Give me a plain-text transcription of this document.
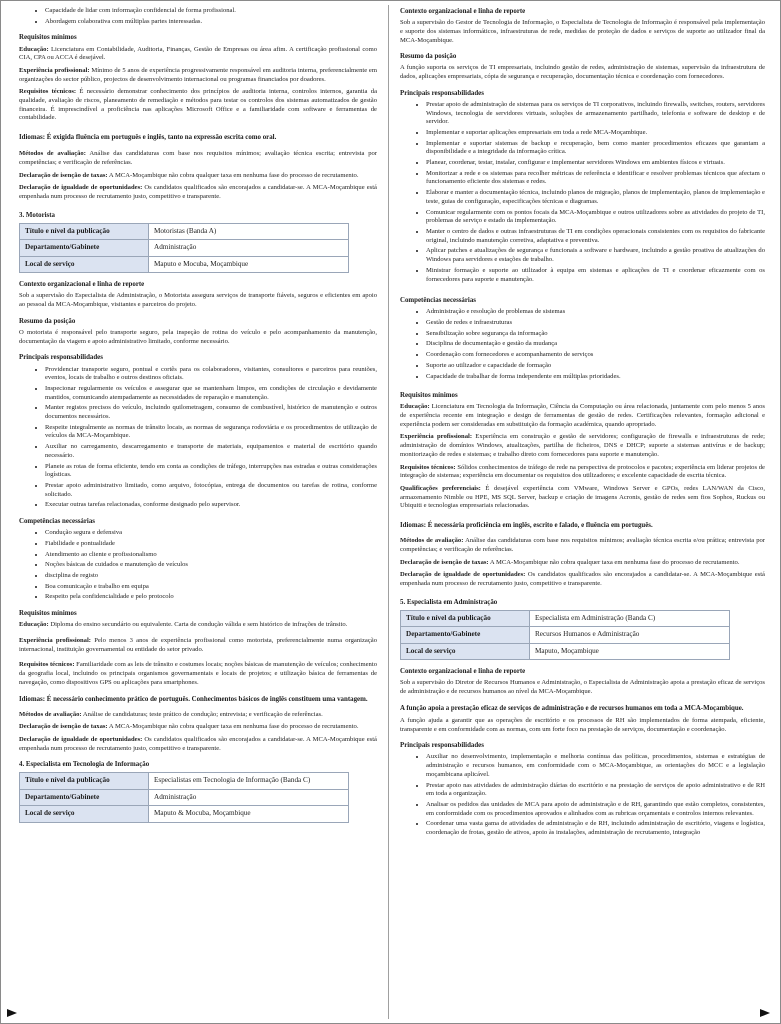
• Capacidade de lidar com informação confidencial de forma profissional.
• Abordagem colaborativa com múltiplas partes interessadas.
Requisitos mínimos

Educação: Licenciatura em Contabilidade, Auditoria, Finanças, Gestão de Empresas ou área afim. A certificação profissional como CIA, CPA ou ACCA é desejável.

Experiência profissional: Mínimo de 5 anos de experiência progressivamente responsável em auditoria interna, preferencialmente em organizações do sector público, projectos de desenvolvimento internacional ou programas financiados por doadores.

Requisitos técnicos: É necessário demonstrar conhecimento dos princípios de auditoria interna, controlos internos, garantia da qualidade, avaliação de riscos, planeamento de remediação e métodos para testar os controlos dos sistemas automatizados de gestão financeira. É imprescindível a proficiência nas aplicações Microsoft Office e a familiaridade com software e ferramentas de contabilidade.

Idiomas: É exigida fluência em português e inglês, tanto na expressão escrita como oral.

Métodos de avaliação: Análise das candidaturas com base nos requisitos mínimos; avaliação técnica escrita; entrevista por competências; e verificação de referências.

Declaração de isenção de taxas: A MCA-Moçambique não cobra qualquer taxa em nenhuma fase do processo de recrutamento.

Declaração de igualdade de oportunidades: Os candidatos qualificados são encorajados a candidatar-se. A MCA-Moçambique está empenhada num processo de recrutamento justo, competitivo e transparente.

3. Motorista
Título e nível da publicação	Motoristas (Banda A)
Departamento/Gabinete	Administração
Local de serviço	Maputo e Mocuba, Moçambique
Contexto organizacional e linha de reporte

Sob a supervisão do Especialista de Administração, o Motorista assegura serviços de transporte fiáveis, seguros e eficientes em apoio ao pessoal da MCA-Moçambique, visitantes e parceiros do projeto.

Resumo da posição

O motorista é responsável pelo transporte seguro, pela inspeção de rotina do veículo e pelo acompanhamento da manutenção, documentação da viagem e apoio administrativo limitado, conforme necessário.

Principais responsabilidades
• Providenciar transporte seguro, pontual e cortês para os colaboradores, visitantes, consultores e parceiros para reuniões, eventos, locais de trabalho e outros destinos oficiais.
• Inspecionar regularmente os veículos e assegurar que se mantenham limpos, em condições de circulação e devidamente mantidos, comunicando atempadamente as necessidades de reparação e manutenção.
• Manter registos precisos do veículo, incluindo quilometragem, consumo de combustível, histórico de manutenção e outros documentos necessários.
• Respeite integralmente as normas de trânsito locais, as normas de segurança rodoviária e os procedimentos de utilização de veículos da MCA-Moçambique.
• Auxiliar no carregamento, descarregamento e transporte de materiais, equipamentos e material de escritório quando necessário.
• Planeie as rotas de forma eficiente, tendo em conta as condições de tráfego, interrupções nas estradas e outras considerações logísticas.
• Prestar apoio administrativo limitado, como arquivo, fotocópias, entrega de documentos ou tarefas de rotina, conforme solicitado.
• Executar outras tarefas relacionadas, conforme designado pelo supervisor.
Competências necessárias
• Condução segura e defensiva
• Fiabilidade e pontualidade
• Atendimento ao cliente e profissionalismo
• Noções básicas de cuidados e manutenção de veículos
• disciplina de registo
• Boa comunicação e trabalho em equipa
• Respeito pela confidencialidade e pelo protocolo
Requisitos mínimos

Educação: Diploma do ensino secundário ou equivalente. Carta de condução válida e sem histórico de infrações de trânsito.

Experiência profissional: Pelo menos 3 anos de experiência profissional como motorista, preferencialmente numa organização internacional, instituição governamental ou entidade do setor privado.

Requisitos técnicos: Familiaridade com as leis de trânsito e costumes locais; noções básicas de manutenção de veículos; conhecimento da geografia local, incluindo os principais organismos governamentais e locais de projetos; e utilização básica de ferramentas de navegação, como dispositivos GPS ou aplicações para smartphones.

Idiomas: É necessário conhecimento prático de português. Conhecimentos básicos de inglês constituem uma vantagem.

Métodos de avaliação: Análise de candidaturas; teste prático de condução; entrevista; e verificação de referências.

Declaração de isenção de taxas: A MCA-Moçambique não cobra qualquer taxa em nenhuma fase do processo de recrutamento.

Declaração de igualdade de oportunidades: Os candidatos qualificados são encorajados a candidatar-se. A MCA-Moçambique está empenhada num processo de recrutamento justo, competitivo e transparente.

4. Especialista em Tecnologia de Informação
Título e nível da publicação	Especialistas em Tecnologia de Informação (Banda C)
Departamento/Gabinete	Administração
Local de serviço	Maputo & Mocuba, Moçambique
Contexto organizacional e linha de reporte

Sob a supervisão do Gestor de Tecnologia de Informação, o Especialista de Tecnologia de Informação é responsável pela implementação e suporte dos sistemas informáticos, infraestruturas de rede, medidas de proteção de dados e serviços de suporte ao utilizador final da MCA-Moçambique.

Resumo da posição

A função suporta os serviços de TI empresariais, incluindo gestão de redes, administração de sistemas, supervisão da infraestrutura de dados, aplicações empresariais, cópia de segurança e recuperação, documentação técnica e coordenação com fornecedores.

Principais responsabilidades
• Prestar apoio de administração de sistemas para os serviços de TI corporativos, incluindo firewalls, switches, routers, servidores Windows, tecnologia de servidores virtuais, soluções de armazenamento partilhado, telefonia e software de desktop e de servidor.
• Implementar e suportar aplicações empresariais em toda a rede MCA-Moçambique.
• Implementar e suportar sistemas de backup e recuperação, bem como manter procedimentos eficazes que garantam a disponibilidade e a integridade da informação crítica.
• Planear, coordenar, testar, instalar, configurar e implementar servidores Windows em ambientes físicos e virtuais.
• Monitorizar a rede e os sistemas para recolher métricas de referência e identificar e resolver problemas técnicos que afectam o funcionamento eficiente dos sistemas e redes.
• Elaborar e manter a documentação técnica, incluindo planos de migração, planos de implementação, planos de implementação e teste, guias de configuração, especificações técnicas e diagramas.
• Comunicar regularmente com os pontos focais da MCA-Moçambique e outros utilizadores sobre as atividades do projeto de TI, problemas de serviço e estado da implementação.
• Manter o centro de dados e outras infraestruturas de TI em condições operacionais consistentes com os requisitos do fabricante original, incluindo manutenção corretiva, adaptativa e preventiva.
• Aplicar patches e atualizações de segurança e funcionais a software e hardware, incluindo a gestão proativa de atualizações do Windows para servidores e estações de trabalho.
• Ministrar formação e suporte ao utilizador à equipa em sistemas e aplicações de TI e coordenar eficazmente com os fornecedores para suporte e manutenção.
Competências necessárias
• Administração e resolução de problemas de sistemas
• Gestão de redes e infraestruturas
• Sensibilização sobre segurança da informação
• Disciplina de documentação e gestão da mudança
• Coordenação com fornecedores e acompanhamento de serviços
• Suporte ao utilizador e capacidade de formação
• Capacidade de trabalhar de forma independente em múltiplas prioridades.
Requisitos mínimos

Educação: Licenciatura em Tecnologia da Informação, Ciência da Computação ou área relacionada, juntamente com pelo menos 5 anos de experiência recente em integração e design de ferramentas de gestão de redes. Certificações relevantes, formação adicional e experiência podem ser consideradas em substituição da formação académica, quando apropriado.

Experiência profissional: Experiência em construção e gestão de servidores; configuração de firewalls e infraestruturas de rede; administração de domínios Windows, atualizações, partilha de ficheiros, DNS e DHCP; suporte a sistemas antivírus e de backup; monitorização de redes e sistemas; e trabalho direto com fornecedores para suporte e manutenção.

Requisitos técnicos: Sólidos conhecimentos de tráfego de rede na perspectiva de protocolos e pacotes; experiência em liderar projetos de integração de sistemas; experiência em documentar os requisitos dos utilizadores; e excelente capacidade de escrita técnica.

Qualificações preferenciais: É desejável experiência com VMware, Windows Server e GPOs, redes LAN/WAN da Cisco, armazenamento Nimble ou HPE, MS SQL Server, backup e criação de imagens Acronis, gestão de redes sem fios Sophos, Ruckus ou Ubiquiti e tecnologias empresariais relacionadas.

Idiomas: É necessária proficiência em inglês, escrito e falado, e fluência em português.

Métodos de avaliação: Análise das candidaturas com base nos requisitos mínimos; avaliação técnica escrita e/ou prática; entrevista por competências; e verificação de referências.

Declaração de isenção de taxas: A MCA-Moçambique não cobra qualquer taxa em nenhuma fase do processo de recrutamento.

Declaração de igualdade de oportunidades: Os candidatos qualificados são encorajados a candidatar-se. A MCA-Moçambique está empenhada num processo de recrutamento justo, competitivo e transparente.

5. Especialista em Administração
Título e nível da publicação	Especialista em Administração (Banda C)
Departamento/Gabinete	Recursos Humanos e Administração
Local de serviço	Maputo, Moçambique
Contexto organizacional e linha de reporte

Sob a supervisão do Diretor de Recursos Humanos e Administração, o Especialista de Administração apoia a prestação eficaz de serviços de administração e de recursos humanos ao nível da MCA-Moçambique.

A função apoia a prestação eficaz de serviços de administração e de recursos humanos em toda a MCA-Moçambique.

A função ajuda a garantir que as operações de escritório e os processos de RH são implementados de forma atempada, eficiente, transparente e em conformidade com as normas, com um forte foco na prestação de serviços, documentação e coordenação.

Principais responsabilidades
• Auxiliar no desenvolvimento, implementação e melhoria contínua das políticas, procedimentos, sistemas e estratégias de administração e recursos humanos, em conformidade com o MCA-Moçambique, as orientações do MCC e a legislação moçambicana aplicável.
• Prestar apoio nas atividades de administração diárias do escritório e na prestação de serviços de apoio administrativo e de RH em toda a organização.
• Analisar os pedidos das unidades de MCA para apoio de administração e de RH, garantindo que estão completos, consistentes, em conformidade com os procedimentos aprovados e alinhados com as rubricas orçamentais e controlos internos relevantes.
• Coordenar uma vasta gama de atividades de administração e de RH, incluindo administração de escritório, viagens e logística, coordenação de frotas, gestão de ativos, apoio às instalações, administração de recrutamento, integração
